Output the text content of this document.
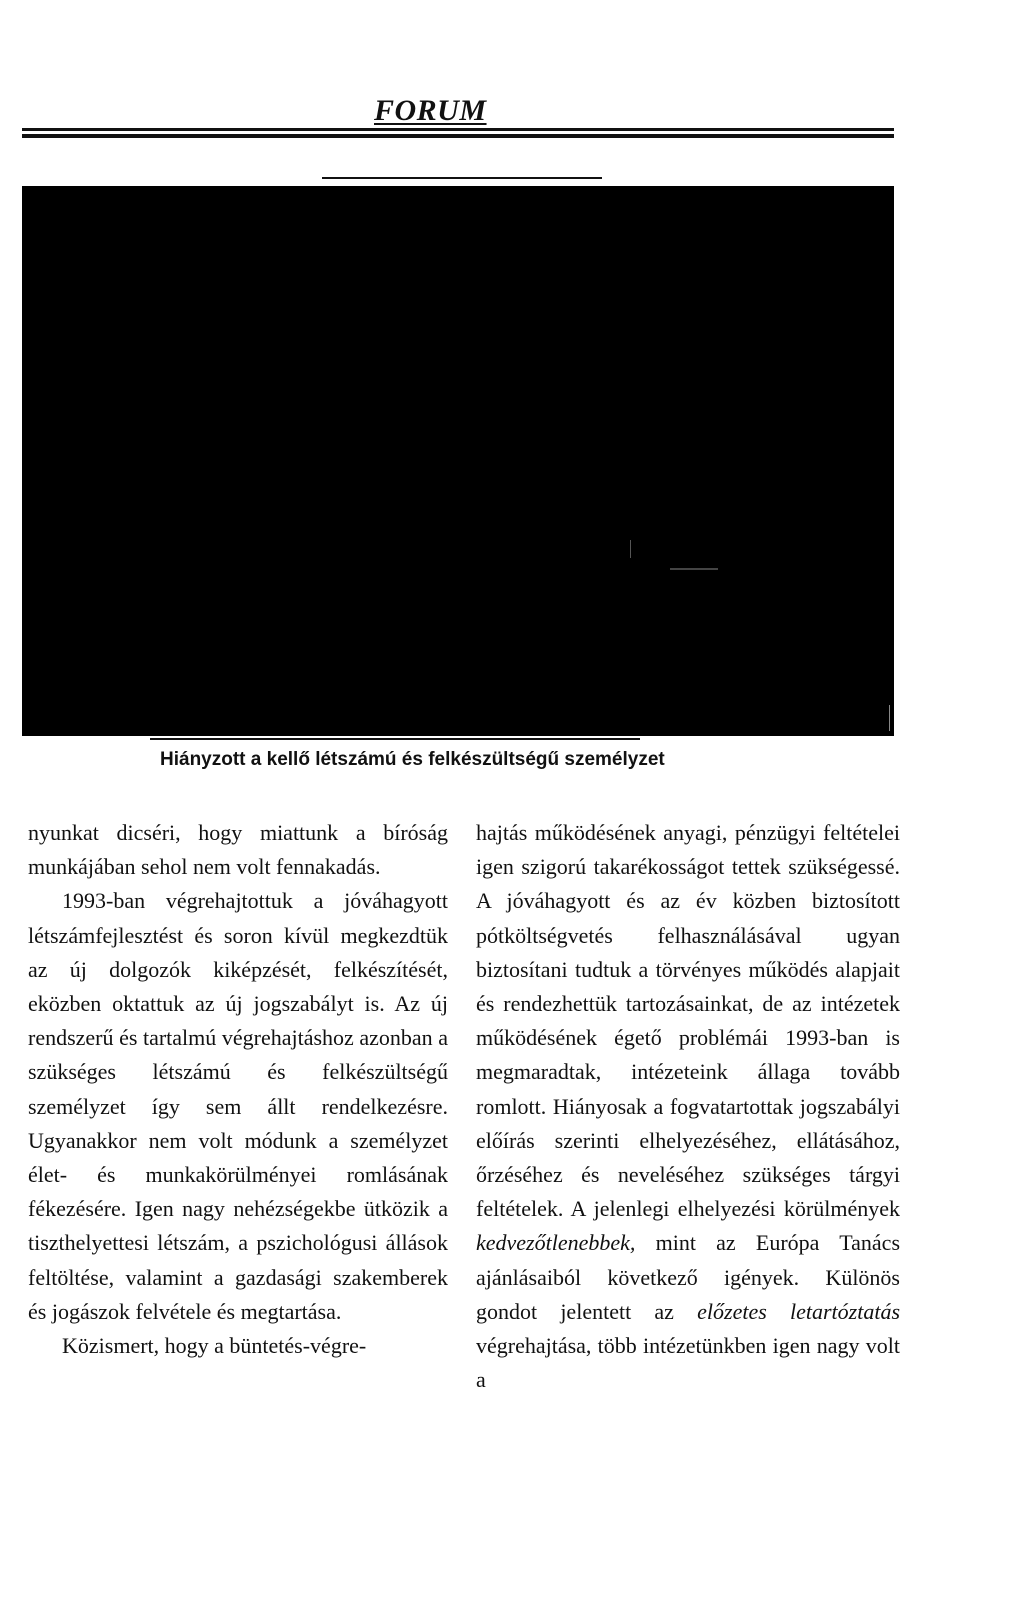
FORUM
Hiányzott a kellő létszámú és felkészültségű személyzet

nyunkat dicséri, hogy miattunk a bíróság munkájában sehol nem volt fennakadás.

1993-ban végrehajtottuk a jóváhagyott létszámfejlesztést és soron kívül megkezdtük az új dolgozók kiképzését, felkészítését, eközben oktattuk az új jogszabályt is. Az új rendszerű és tartalmú végrehajtáshoz azonban a szükséges létszámú és felkészültségű személyzet így sem állt rendelkezésre. Ugyanakkor nem volt módunk a személyzet élet- és munkakörülményei romlásának fékezésére. Igen nagy nehézségekbe ütközik a tiszthelyettesi létszám, a pszichológusi állások feltöltése, valamint a gazdasági szakemberek és jogászok felvétele és megtartása.

Közismert, hogy a büntetés-végre-

hajtás működésének anyagi, pénzügyi feltételei igen szigorú takarékosságot tettek szükségessé. A jóváhagyott és az év közben biztosított pótköltségvetés felhasználásával ugyan biztosítani tudtuk a törvényes működés alapjait és rendezhettük tartozásainkat, de az intézetek működésének égető problémái 1993-ban is megmaradtak, intézeteink állaga tovább romlott. Hiányosak a fogvatartottak jogszabályi előírás szerinti elhelyezéséhez, ellátásához, őrzéséhez és neveléséhez szükséges tárgyi feltételek. A jelenlegi elhelyezési körülmények kedvezőtlenebbek, mint az Európa Tanács ajánlásaiból következő igények. Különös gondot jelentett az előzetes letartóztatás végrehajtása, több intézetünkben igen nagy volt a
